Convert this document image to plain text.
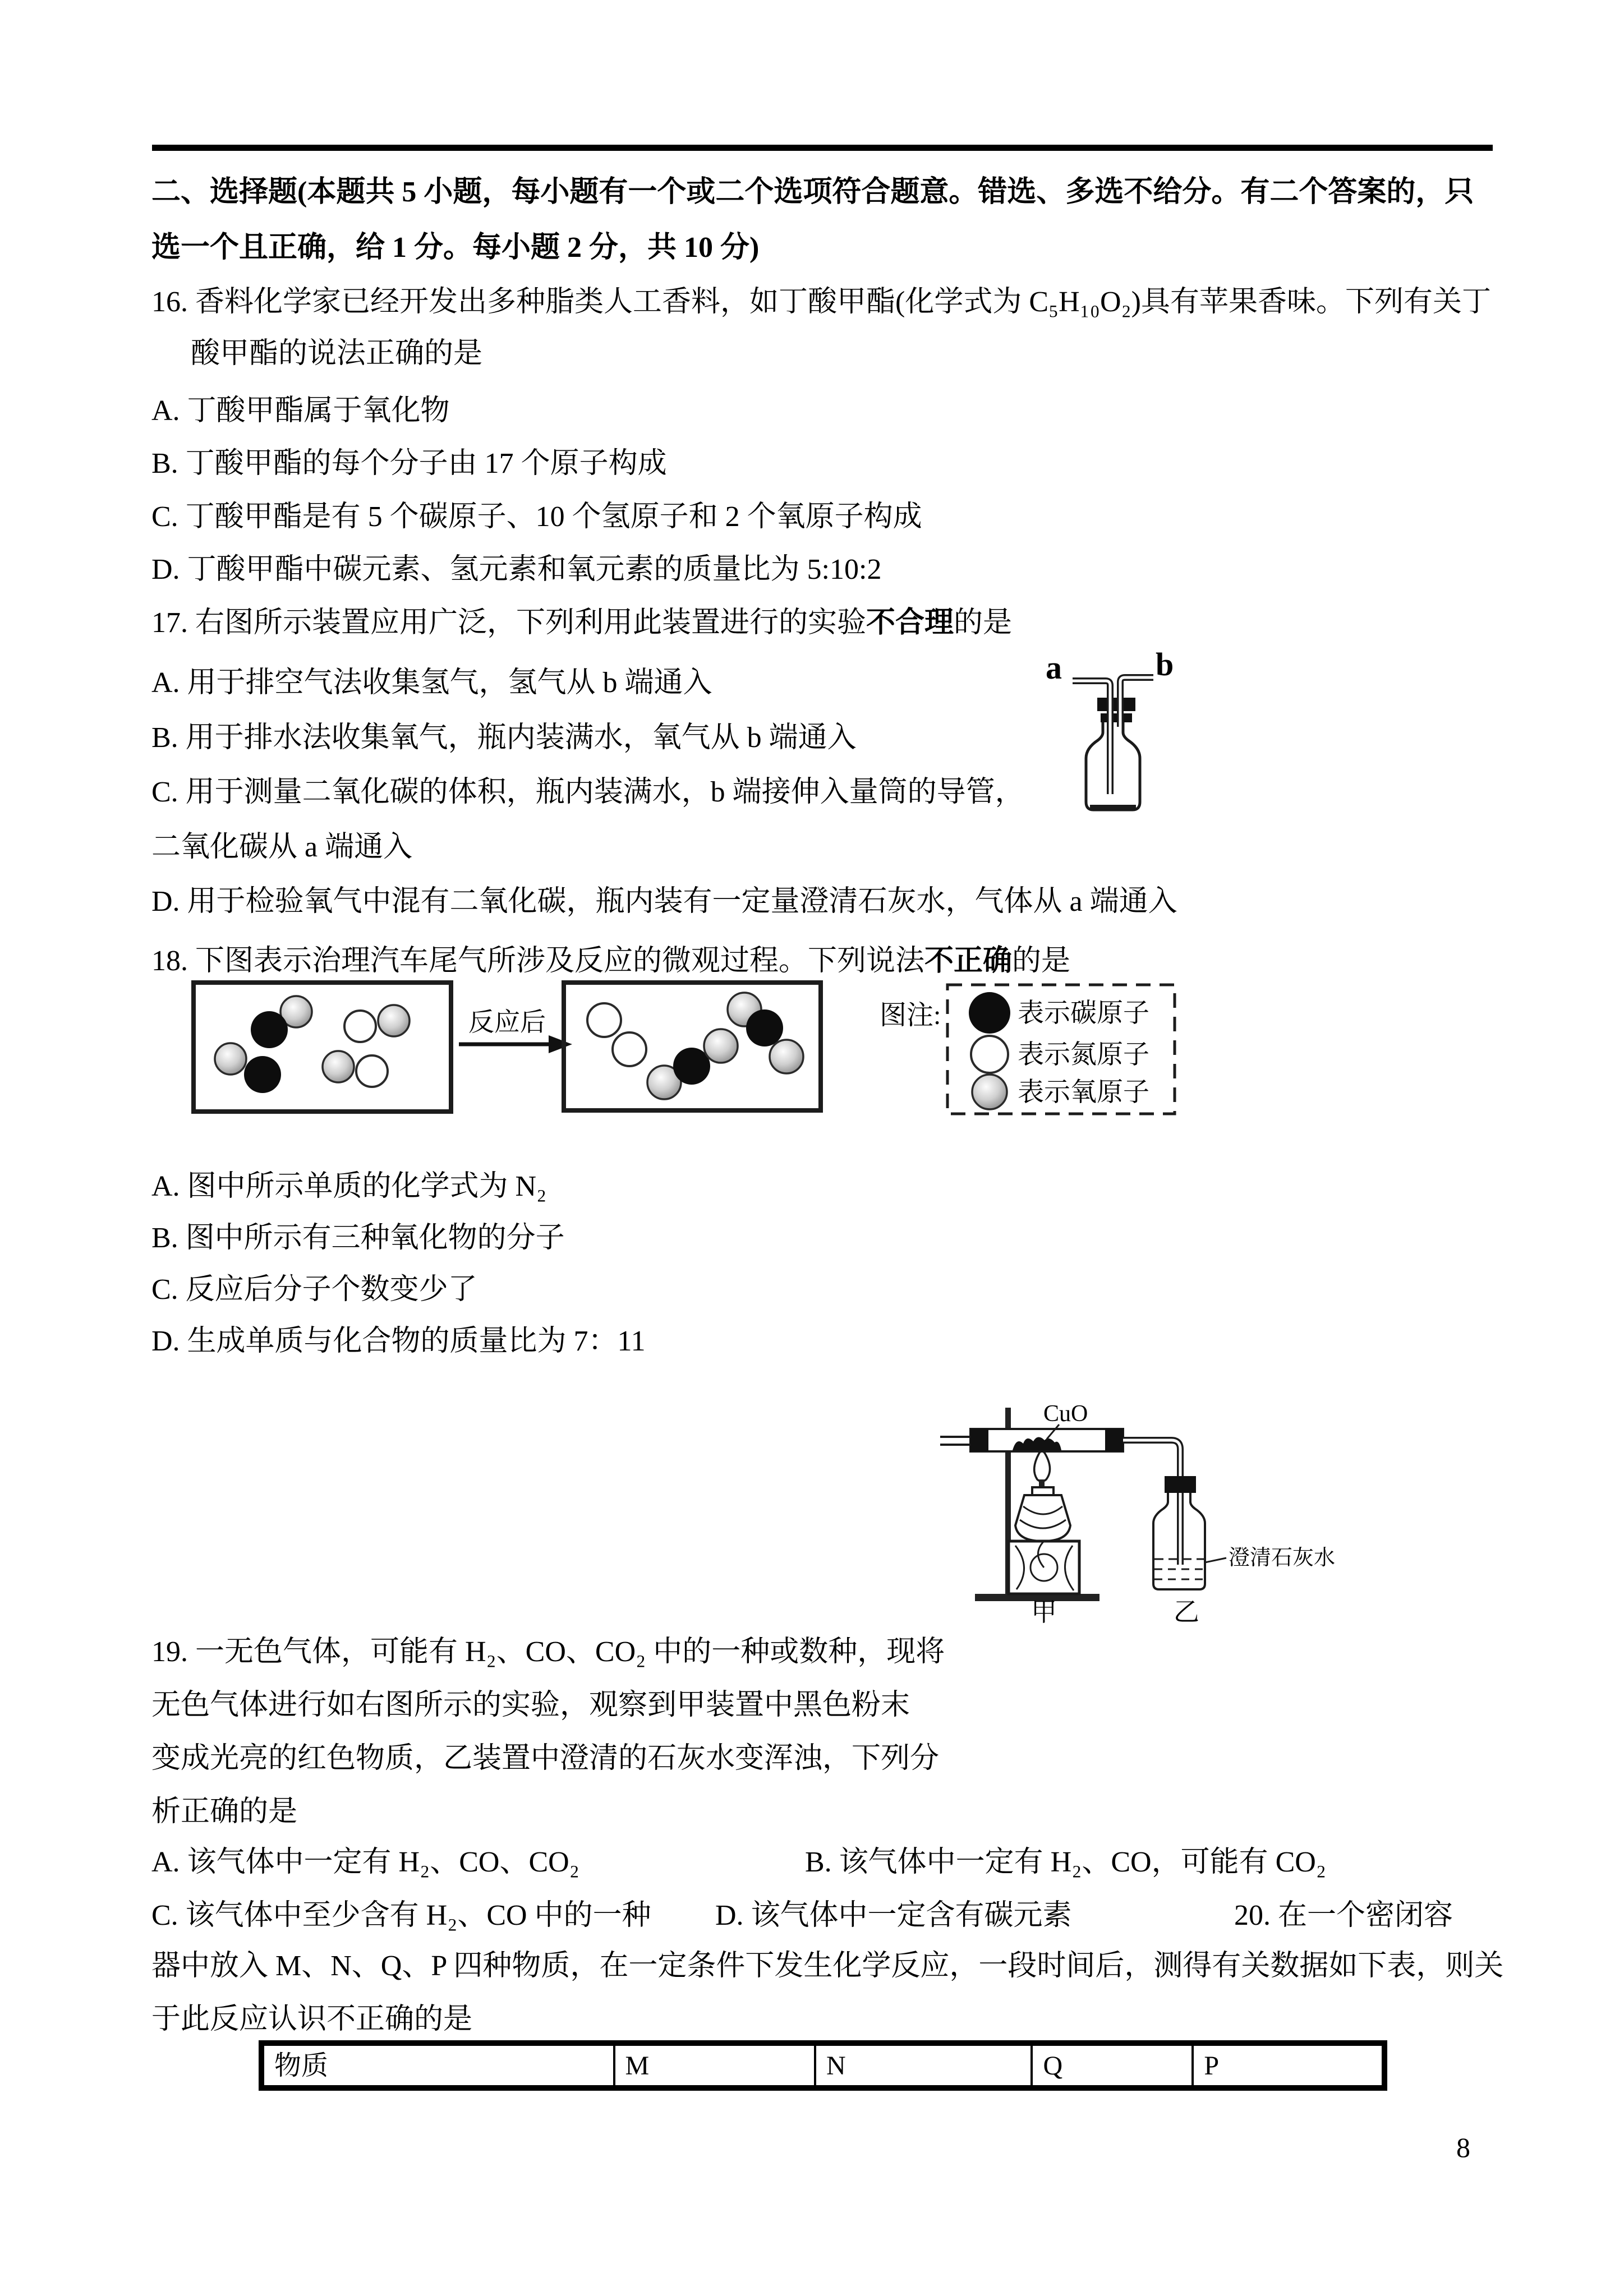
二、选择题(本题共 5 小题，每小题有一个或二个选项符合题意。错选、多选不给分。有二个答案的，只
选一个且正确，给 1 分。每小题 2 分，共 10 分)
16. 香料化学家已经开发出多种脂类人工香料，如丁酸甲酯(化学式为 C₅H₁₀O₂)具有苹果香味。下列有关丁
酸甲酯的说法正确的是
A. 丁酸甲酯属于氧化物
B. 丁酸甲酯的每个分子由 17 个原子构成
C. 丁酸甲酯是有 5 个碳原子、10 个氢原子和 2 个氧原子构成
D. 丁酸甲酯中碳元素、氢元素和氧元素的质量比为 5:10:2
17. 右图所示装置应用广泛，下列利用此装置进行的实验不合理的是
A. 用于排空气法收集氢气，氢气从 b 端通入
B. 用于排水法收集氧气，瓶内装满水，氧气从 b 端通入
C. 用于测量二氧化碳的体积，瓶内装满水，b 端接伸入量筒的导管，
二氧化碳从 a 端通入
D. 用于检验氧气中混有二氧化碳，瓶内装有一定量澄清石灰水，气体从 a 端通入
a	b
18. 下图表示治理汽车尾气所涉及反应的微观过程。下列说法不正确的是
反应后	图注:	表示碳原子
表示氮原子
表示氧原子
A. 图中所示单质的化学式为 N₂
B. 图中所示有三种氧化物的分子
C. 反应后分子个数变少了
D. 生成单质与化合物的质量比为 7：11
CuO
甲
澄清石灰水
乙
19. 一无色气体，可能有 H₂、CO、CO₂ 中的一种或数种，现将
无色气体进行如右图所示的实验，观察到甲装置中黑色粉末
变成光亮的红色物质，乙装置中澄清的石灰水变浑浊，下列分
析正确的是
A. 该气体中一定有 H₂、CO、CO₂	B. 该气体中一定有 H₂、CO，可能有 CO₂
C. 该气体中至少含有 H₂、CO 中的一种 D. 该气体中一定含有碳元素	20. 在一个密闭容
器中放入 M、N、Q、P 四种物质，在一定条件下发生化学反应，一段时间后，测得有关数据如下表，则关
于此反应认识不正确的是
物质	M	N	Q	P
8
